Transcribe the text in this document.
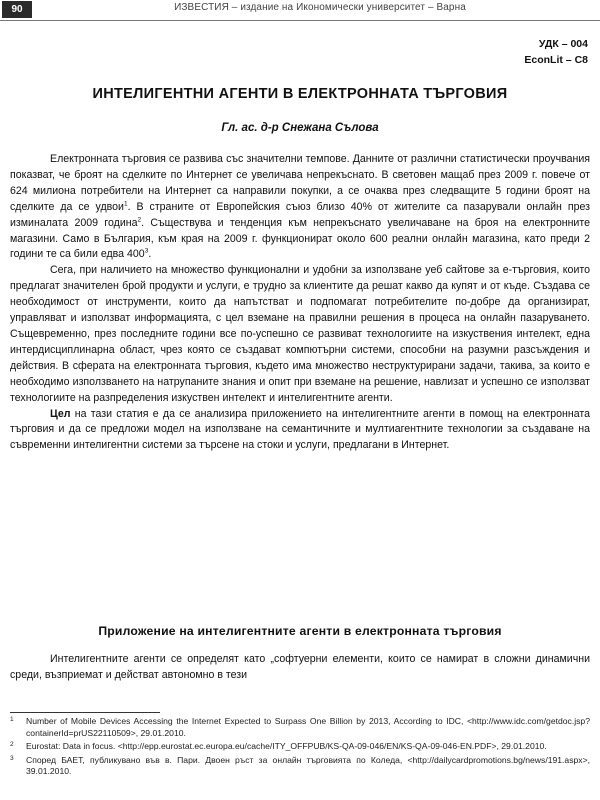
90	ИЗВЕСТИЯ – издание на Икономически университет – Варна
УДК – 004
EconLit – C8
ИНТЕЛИГЕНТНИ АГЕНТИ В ЕЛЕКТРОННАТА ТЪРГОВИЯ
Гл. ас. д-р Снежана Сълова

Електронната търговия се развива със значителни темпове. Данните от различни статистически проучвания показват, че броят на сделките по Интернет се увеличава непрекъснато. В световен мащаб през 2009 г. повече от 624 милиона потребители на Интернет са направили покупки, а се очаква през следващите 5 години броят на сделките да се удвои$^1$. В страните от Европейския съюз близо 40% от жителите са пазарували онлайн през изминалата 2009 година$^2$. Съществува и тенденция към непрекъснато увеличаване на броя на електронните магазини. Само в България, към края на 2009 г. функционират около 600 реални онлайн магазина, като преди 2 години те са били едва $400^3$.

Сега, при наличието на множество функционални и удобни за използване уеб сайтове за е-търговия, които предлагат значителен брой продукти и услуги, е трудно за клиентите да решат какво да купят и от къде. Създава се необходимост от инструменти, които да напътстват и подпомагат потребителите по-добре да организират, управляват и използват информацията, с цел вземане на правилни решения в процеса на онлайн пазаруването. Същевременно, през последните години все по-успешно се развиват технологиите на изкуствения интелект, една интердисциплинарна област, чрез която се създават компютърни системи, способни на разумни разсъждения и действия. В сферата на електронната търговия, където има множество неструктурирани задачи, такива, за които е необходимо използването на натрупаните знания и опит при вземане на решение, навлизат и успешно се използват технологиите на разпределения изкуствен интелект и интелигентните агенти.

Цел на тази статия е да се анализира приложението на интелигентните агенти в помощ на електронната търговия и да се предложи модел на използване на семантичните и мултиагентните технологии за създаване на съвременни интелигентни системи за търсене на стоки и услуги, предлагани в Интернет.

Приложение на интелигентните агенти в електронната търговия

Интелигентните агенти се определят като „софтуерни елементи, които се намират в сложни динамични среди, възприемат и действат автономно в тези

1 Number of Mobile Devices Accessing the Internet Expected to Surpass One Billion by 2013, According to IDC, <http://www.idc.com/getdoc.jsp?containerId=prUS22110509>, 29.01.2010.
2 Eurostat: Data in focus. <http://epp.eurostat.ec.europa.eu/cache/ITY_OFFPUB/KS-QA-09-046/EN/KS-QA-09-046-EN.PDF>, 29.01.2010.
3 Според БАЕТ, публикувано във в. Пари. Двоен ръст за онлайн търговията по Коледа, <http://dailycardpromotions.bg/news/191.aspx>, 39.01.2010.
